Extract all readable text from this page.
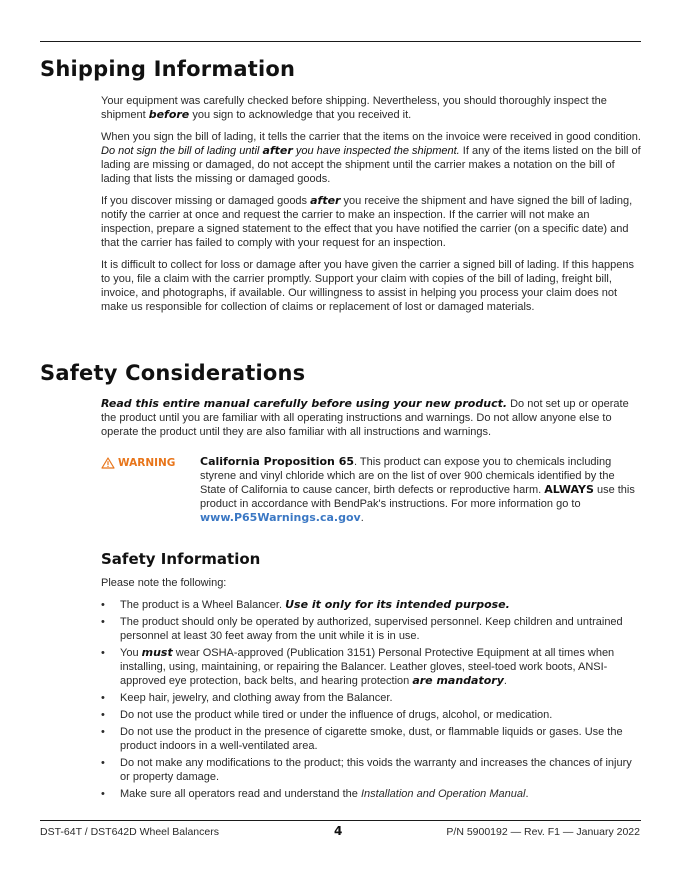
Shipping Information

Your equipment was carefully checked before shipping. Nevertheless, you should thoroughly inspect the shipment before you sign to acknowledge that you received it.

When you sign the bill of lading, it tells the carrier that the items on the invoice were received in good condition. Do not sign the bill of lading until after you have inspected the shipment. If any of the items listed on the bill of lading are missing or damaged, do not accept the shipment until the carrier makes a notation on the bill of lading that lists the missing or damaged goods.

If you discover missing or damaged goods after you receive the shipment and have signed the bill of lading, notify the carrier at once and request the carrier to make an inspection. If the carrier will not make an inspection, prepare a signed statement to the effect that you have notified the carrier (on a specific date) and that the carrier has failed to comply with your request for an inspection.

It is difficult to collect for loss or damage after you have given the carrier a signed bill of lading. If this happens to you, file a claim with the carrier promptly. Support your claim with copies of the bill of lading, freight bill, invoice, and photographs, if available. Our willingness to assist in helping you process your claim does not make us responsible for collection of claims or replacement of lost or damaged materials.

Safety Considerations

Read this entire manual carefully before using your new product. Do not set up or operate the product until you are familiar with all operating instructions and warnings. Do not allow anyone else to operate the product until they are also familiar with all instructions and warnings.

WARNING California Proposition 65. This product can expose you to chemicals including styrene and vinyl chloride which are on the list of over 900 chemicals identified by the State of California to cause cancer, birth defects or reproductive harm. ALWAYS use this product in accordance with BendPak's instructions. For more information go to www.P65Warnings.ca.gov.
Safety Information
Please note the following:
• The product is a Wheel Balancer. Use it only for its intended purpose.
• The product should only be operated by authorized, supervised personnel. Keep children and untrained personnel at least 30 feet away from the unit while it is in use.
• You must wear OSHA-approved (Publication 3151) Personal Protective Equipment at all times when installing, using, maintaining, or repairing the Balancer. Leather gloves, steel-toed work boots, ANSI-approved eye protection, back belts, and hearing protection are mandatory.
• Keep hair, jewelry, and clothing away from the Balancer.
• Do not use the product while tired or under the influence of drugs, alcohol, or medication.
• Do not use the product in the presence of cigarette smoke, dust, or flammable liquids or gases. Use the product indoors in a well-ventilated area.
• Do not make any modifications to the product; this voids the warranty and increases the chances of injury or property damage.
• Make sure all operators read and understand the Installation and Operation Manual.
DST-64T / DST642D Wheel Balancers	4	P/N 5900192 — Rev. F1 — January 2022
